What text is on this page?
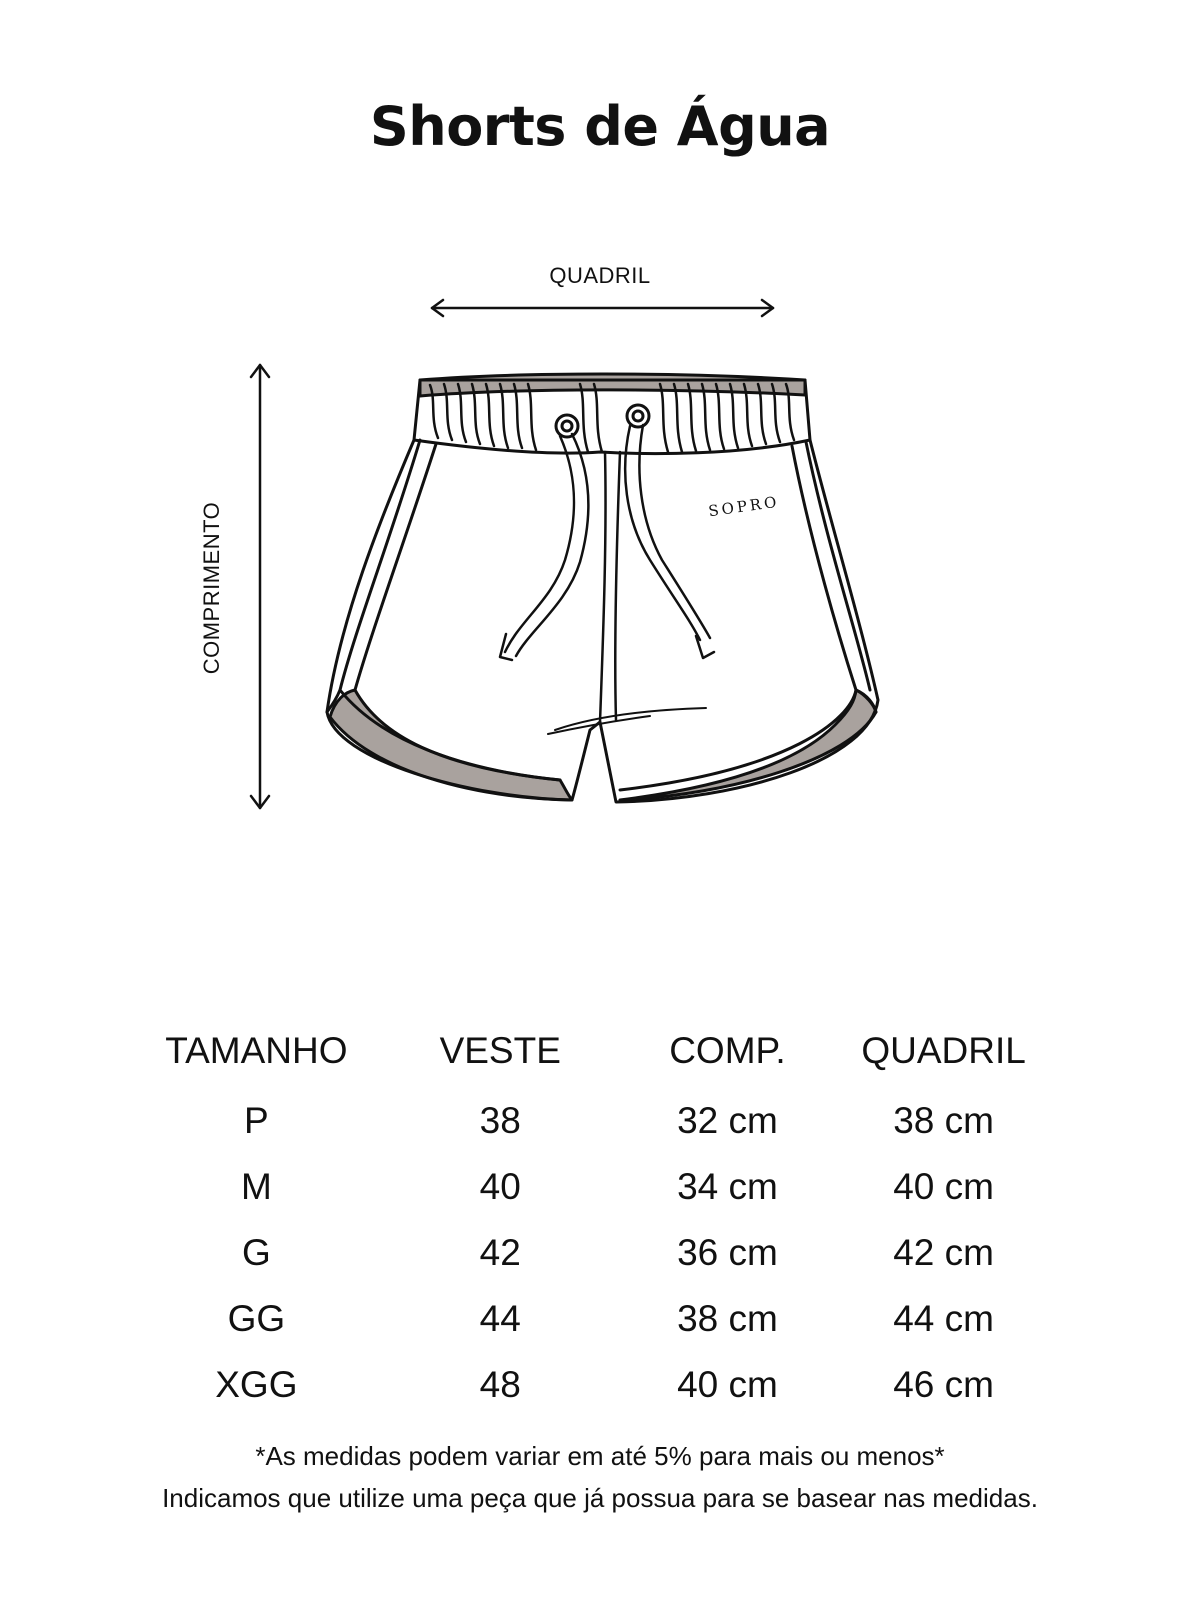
Shorts de Água
QUADRIL
COMPRIMENTO	SOPRO
TAMANHO	VESTE	COMP.	QUADRIL
P	38	32 cm	38 cm
M	40	34 cm	40 cm
G	42	36 cm	42 cm
GG	44	38 cm	44 cm
XGG	48	40 cm	46 cm

*As medidas podem variar em até 5% para mais ou menos*

Indicamos que utilize uma peça que já possua para se basear nas medidas.
